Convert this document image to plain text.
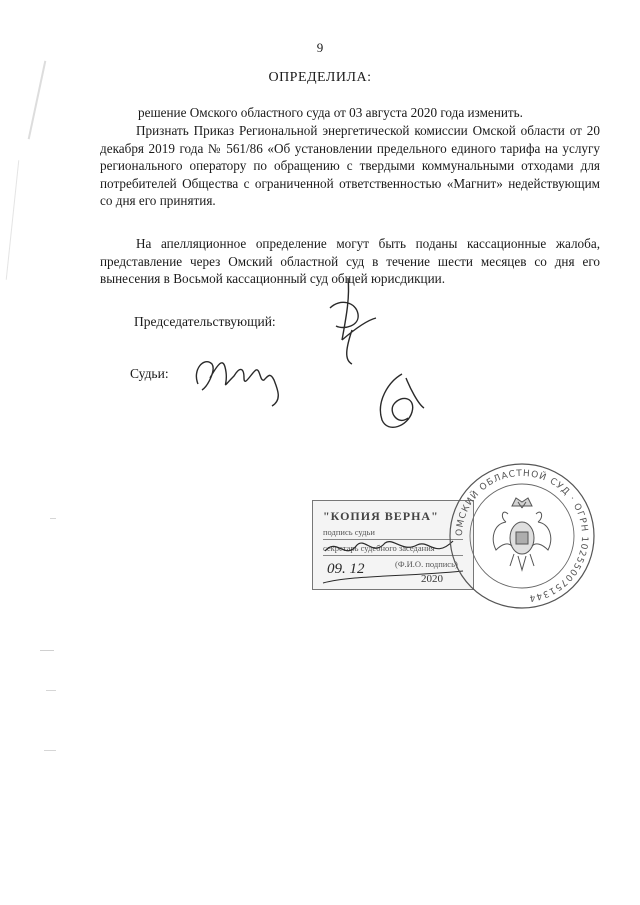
9
ОПРЕДЕЛИЛА:

решение Омского областного суда от 03 августа 2020 года изменить.

Признать Приказ Региональной энергетической комиссии Омской области от 20 декабря 2019 года № 561/86 «Об установлении предельного единого тарифа на услугу регионального оператору по обращению с твердыми коммунальными отходами для потребителей Общества с ограниченной ответственностью «Магнит» недействующим со дня его принятия.

На апелляционное определение могут быть поданы кассационные жалоба, представление через Омский областной суд в течение шести месяцев со дня его вынесения в Восьмой кассационный суд общей юрисдикции.

Председательствующий:
Судьи:
"КОПИЯ ВЕРНА"
подпись судьи
секретарь судебного заседания
(Ф.И.О. подпись)
09. 12
2020
ОМСКИЙ ОБЛАСТНОЙ СУД · ОГРН 1025500751344
